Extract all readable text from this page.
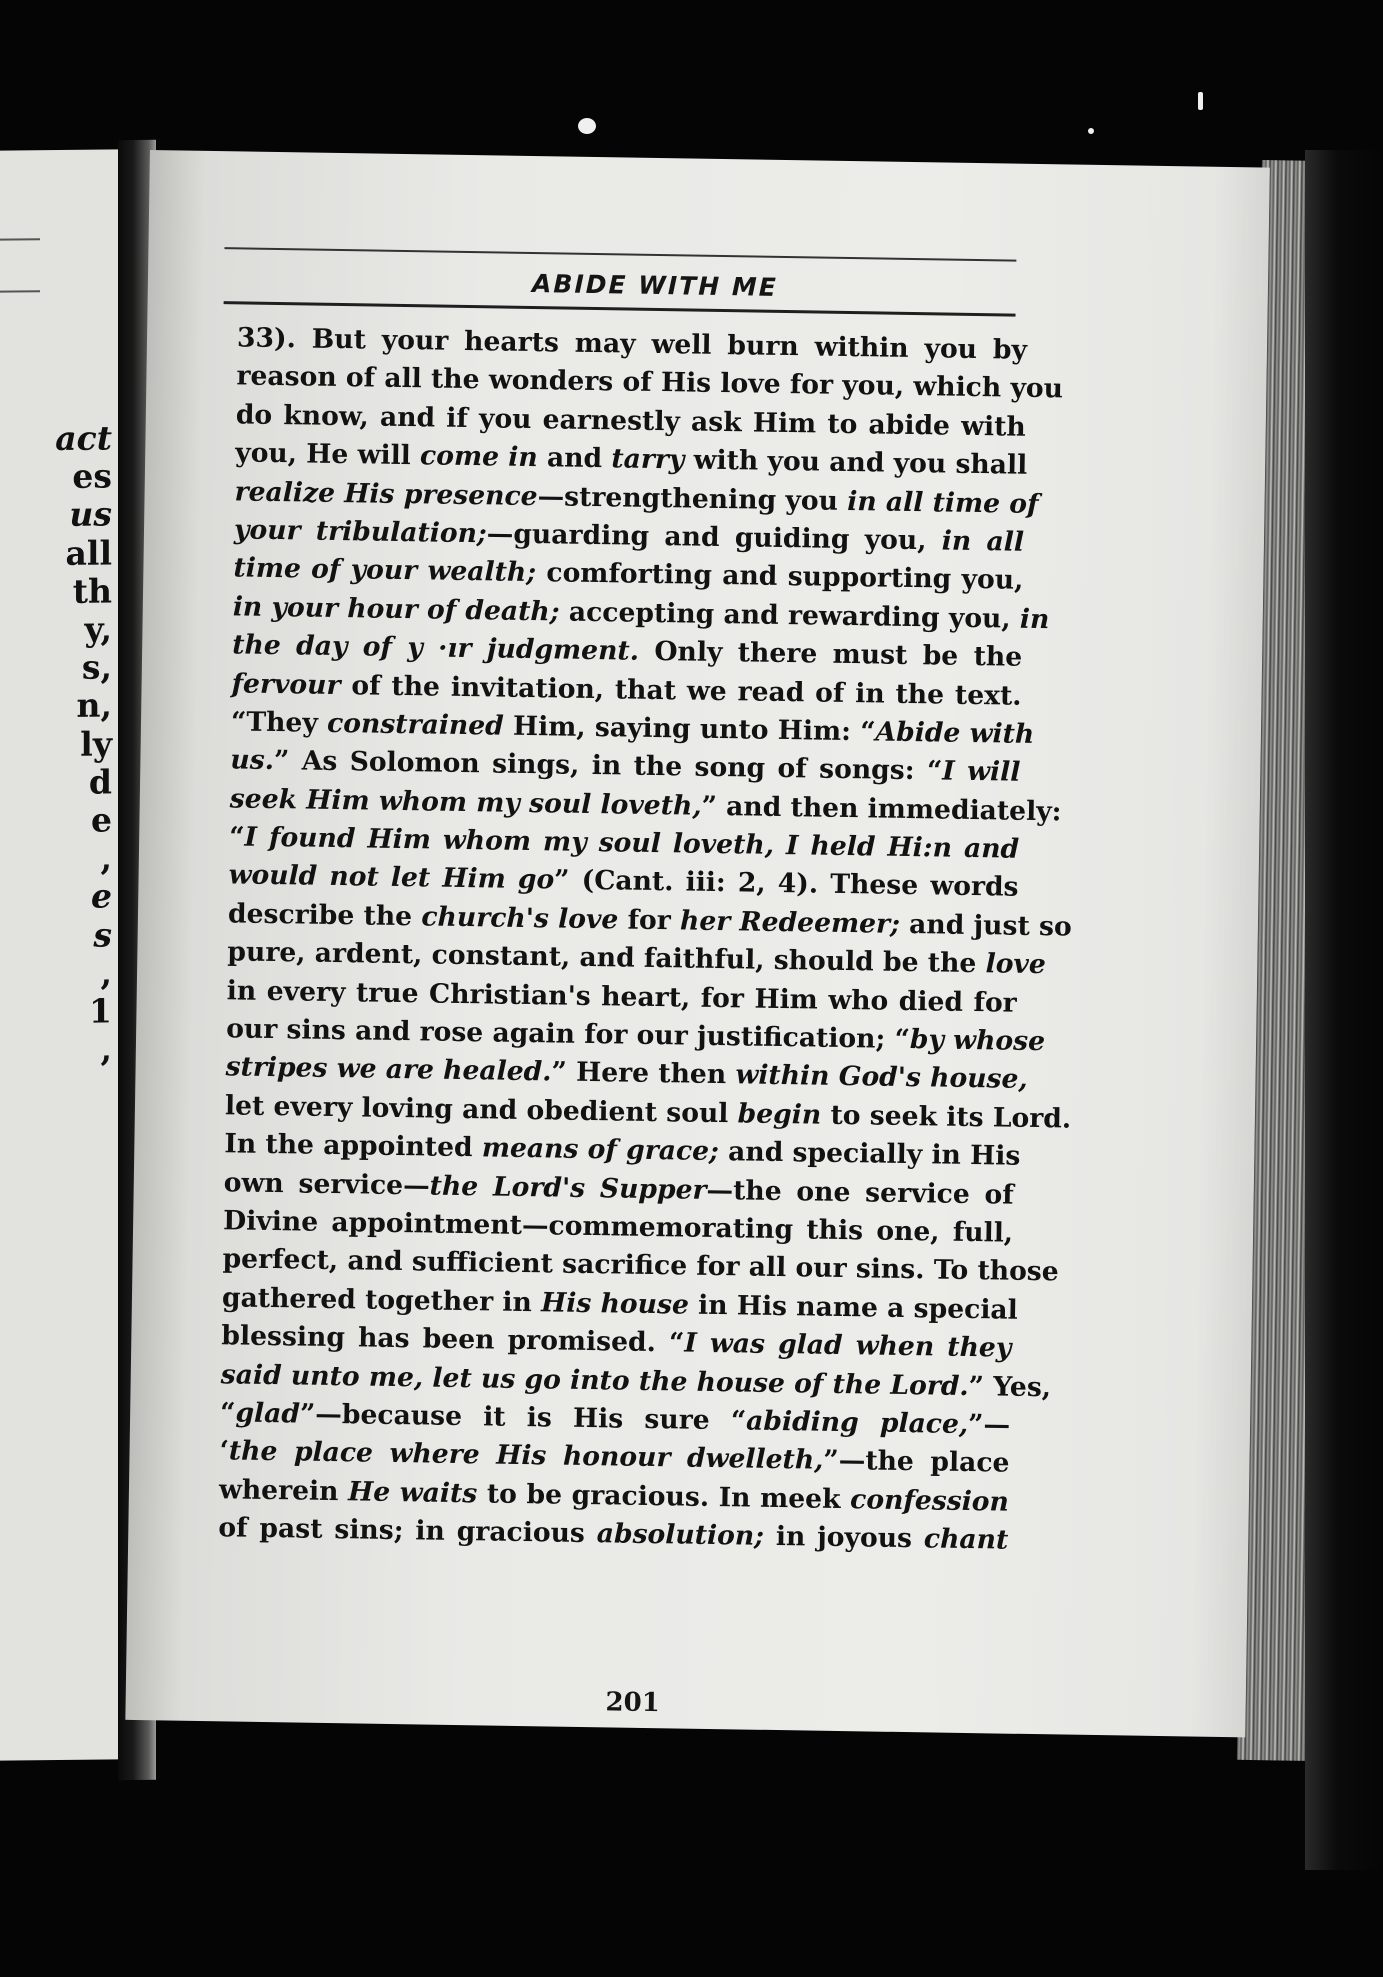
act
es
us
all
th
y,
s,
n,
ly
d
e
,
e
s
,
1
,
ABIDE WITH ME
33). But your hearts may well burn within you by
reason of all the wonders of His love for you, which you
do know, and if you earnestly ask Him to abide with
you, He will come in and tarry with you and you shall
realize His presence—strengthening you in all time of
your tribulation;—guarding and guiding you, in all
time of your wealth; comforting and supporting you,
in your hour of death; accepting and rewarding you, in
the day of y ·ır judgment. Only there must be the
fervour of the invitation, that we read of in the text.
“They constrained Him, saying unto Him: “Abide with
us.” As Solomon sings, in the song of songs: “I will
seek Him whom my soul loveth,” and then immediately:
“I found Him whom my soul loveth, I held Hi:n and
would not let Him go” (Cant. iii: 2, 4). These words
describe the church's love for her Redeemer; and just so
pure, ardent, constant, and faithful, should be the love
in every true Christian's heart, for Him who died for
our sins and rose again for our justification; “by whose
stripes we are healed.” Here then within God's house,
let every loving and obedient soul begin to seek its Lord.
In the appointed means of grace; and specially in His
own service—the Lord's Supper—the one service of
Divine appointment—commemorating this one, full,
perfect, and sufficient sacrifice for all our sins. To those
gathered together in His house in His name a special
blessing has been promised. “I was glad when they
said unto me, let us go into the house of the Lord.” Yes,
“glad”—because it is His sure “abiding place,”—
‘the place where His honour dwelleth,”—the place
wherein He waits to be gracious. In meek confession
of past sins; in gracious absolution; in joyous chant
201
